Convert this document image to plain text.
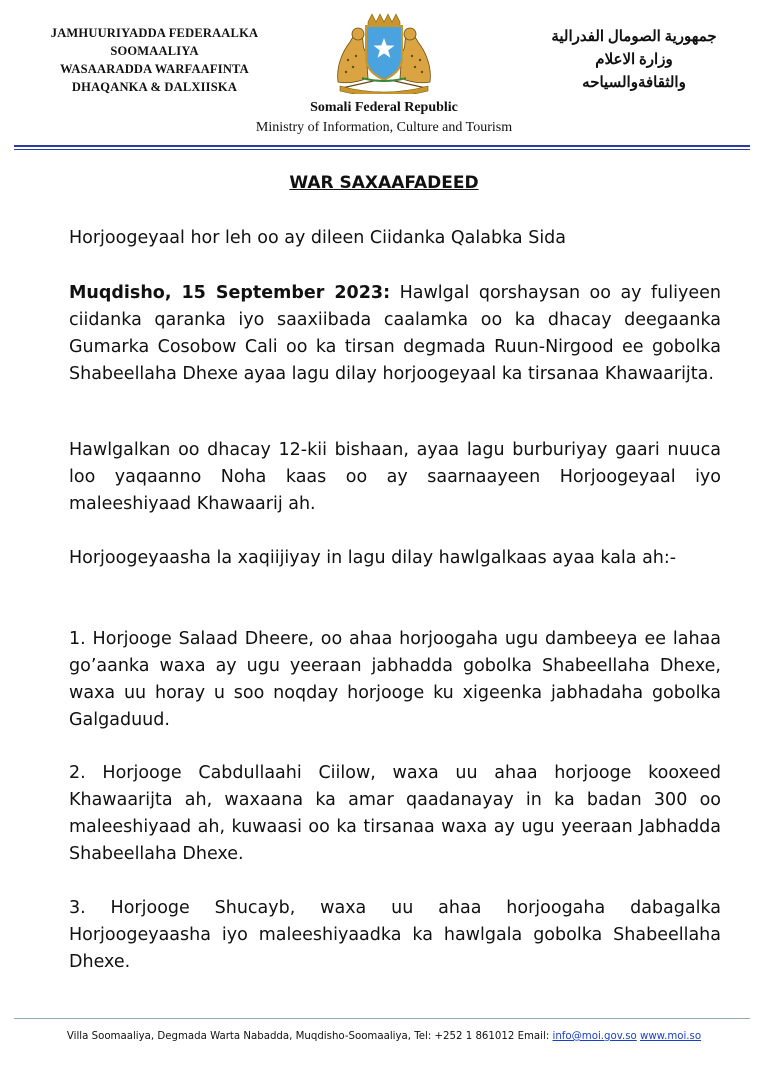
JAMHUURIYADDA FEDERAALKA
SOOMAALIYA
WASAARADDA WARFAAFINTA
DHAQANKA & DALXIISKA
جمهورية الصومال الفدرالية
وزارة الاعلام
والثقافةوالسياحه
Somali Federal Republic
Ministry of Information, Culture and Tourism
WAR SAXAAFADEED
Horjoogeyaal hor leh oo ay dileen Ciidanka Qalabka Sida
Muqdisho, 15 September 2023: Hawlgal qorshaysan oo ay fuliyeen ciidanka qaranka iyo saaxiibada caalamka oo ka dhacay deegaanka Gumarka Cosobow Cali oo ka tirsan degmada Ruun-Nirgood ee gobolka Shabeellaha Dhexe ayaa lagu dilay horjoogeyaal ka tirsanaa Khawaarijta.
Hawlgalkan oo dhacay 12-kii bishaan, ayaa lagu burburiyay gaari nuuca loo yaqaanno Noha kaas oo ay saarnaayeen Horjoogeyaal iyo maleeshiyaad Khawaarij ah.
Horjoogeyaasha la xaqiijiyay in lagu dilay hawlgalkaas ayaa kala ah:-
1. Horjooge Salaad Dheere, oo ahaa horjoogaha ugu dambeeya ee lahaa go’aanka waxa ay ugu yeeraan jabhadda gobolka Shabeellaha Dhexe, waxa uu horay u soo noqday horjooge ku xigeenka jabhadaha gobolka Galgaduud.
2. Horjooge Cabdullaahi Ciilow, waxa uu ahaa horjooge kooxeed Khawaarijta ah, waxaana ka amar qaadanayay in ka badan 300 oo maleeshiyaad ah, kuwaasi oo ka tirsanaa waxa ay ugu yeeraan Jabhadda Shabeellaha Dhexe.
3. Horjooge Shucayb, waxa uu ahaa horjoogaha dabagalka Horjoogeyaasha iyo maleeshiyaadka ka hawlgala gobolka Shabeellaha Dhexe.
Villa Soomaaliya, Degmada Warta Nabadda, Muqdisho-Soomaaliya, Tel: +252 1 861012 Email: info@moi.gov.so www.moi.so
